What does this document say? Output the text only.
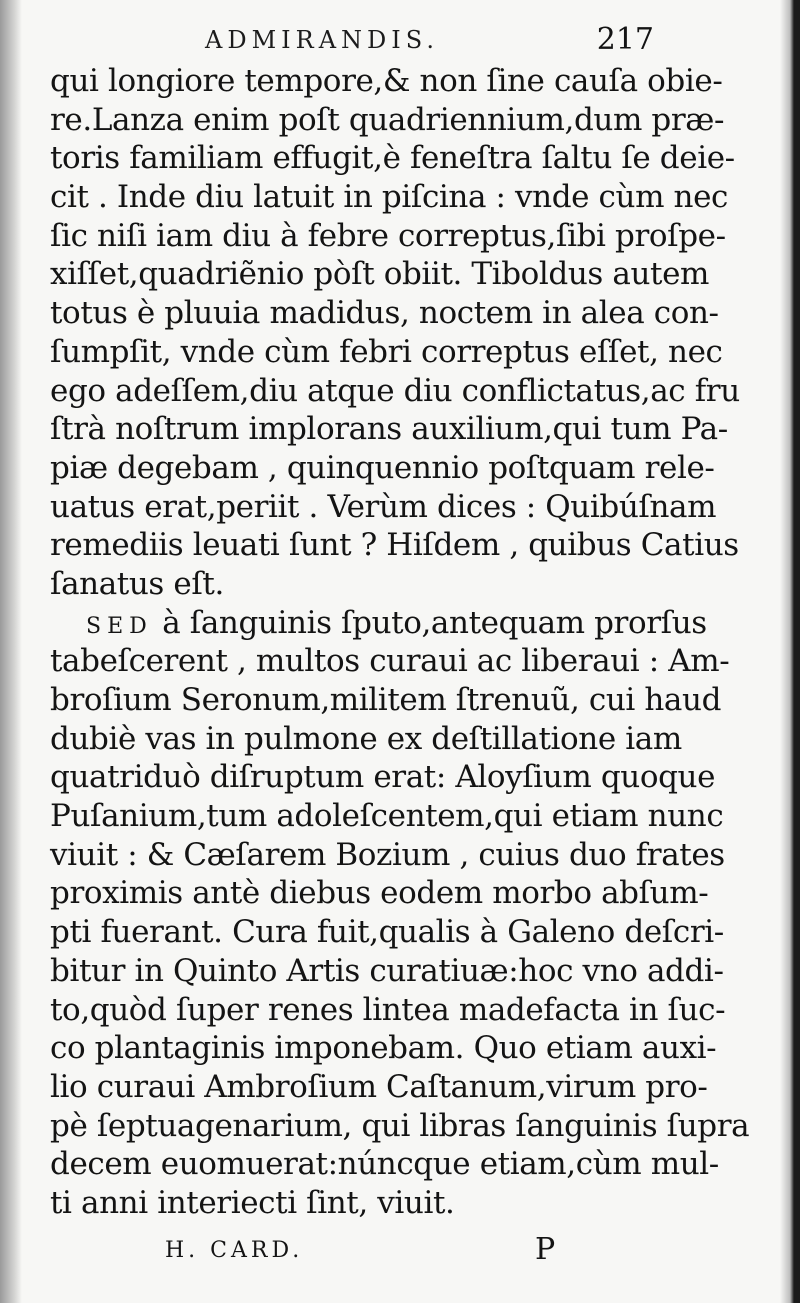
ADMIRANDIS.	217
qui longiore tempore,& non ſine cauſa obie-
re.Lanza enim poſt quadriennium,dum præ-
toris familiam effugit,è feneſtra ſaltu ſe deie-
cit . Inde diu latuit in piſcina : vnde cùm nec
ſic niſi iam diu à febre correptus,ſibi proſpe-
xiſſet,quadriẽnio pòſt obiit. Tiboldus autem
totus è pluuia madidus, noctem in alea con-
ſumpſit, vnde cùm febri correptus eſſet, nec
ego adeſſem,diu atque diu conflictatus,ac fru
ſtrà noſtrum implorans auxilium,qui tum Pa-
piæ degebam , quinquennio poſtquam rele-
uatus erat,periit . Verùm dices : Quibúſnam
remediis leuati ſunt ? Hiſdem , quibus Catius
ſanatus eſt.
SED à ſanguinis ſputo,antequam prorſus
tabeſcerent , multos curaui ac liberaui : Am-
broſium Seronum,militem ſtrenuũ, cui haud
dubiè vas in pulmone ex deſtillatione iam
quatriduò diſruptum erat: Aloyſium quoque
Puſanium,tum adoleſcentem,qui etiam nunc
viuit : & Cæſarem Bozium , cuius duo frates
proximis antè diebus eodem morbo abſum-
pti fuerant. Cura fuit,qualis à Galeno deſcri-
bitur in Quinto Artis curatiuæ:hoc vno addi-
to,quòd ſuper renes lintea madefacta in ſuc-
co plantaginis imponebam. Quo etiam auxi-
lio curaui Ambroſium Caſtanum,virum pro-
pè ſeptuagenarium, qui libras ſanguinis ſupra
decem euomuerat:núncque etiam,cùm mul-
ti anni interiecti ſint, viuit.
H. CARD.	P
